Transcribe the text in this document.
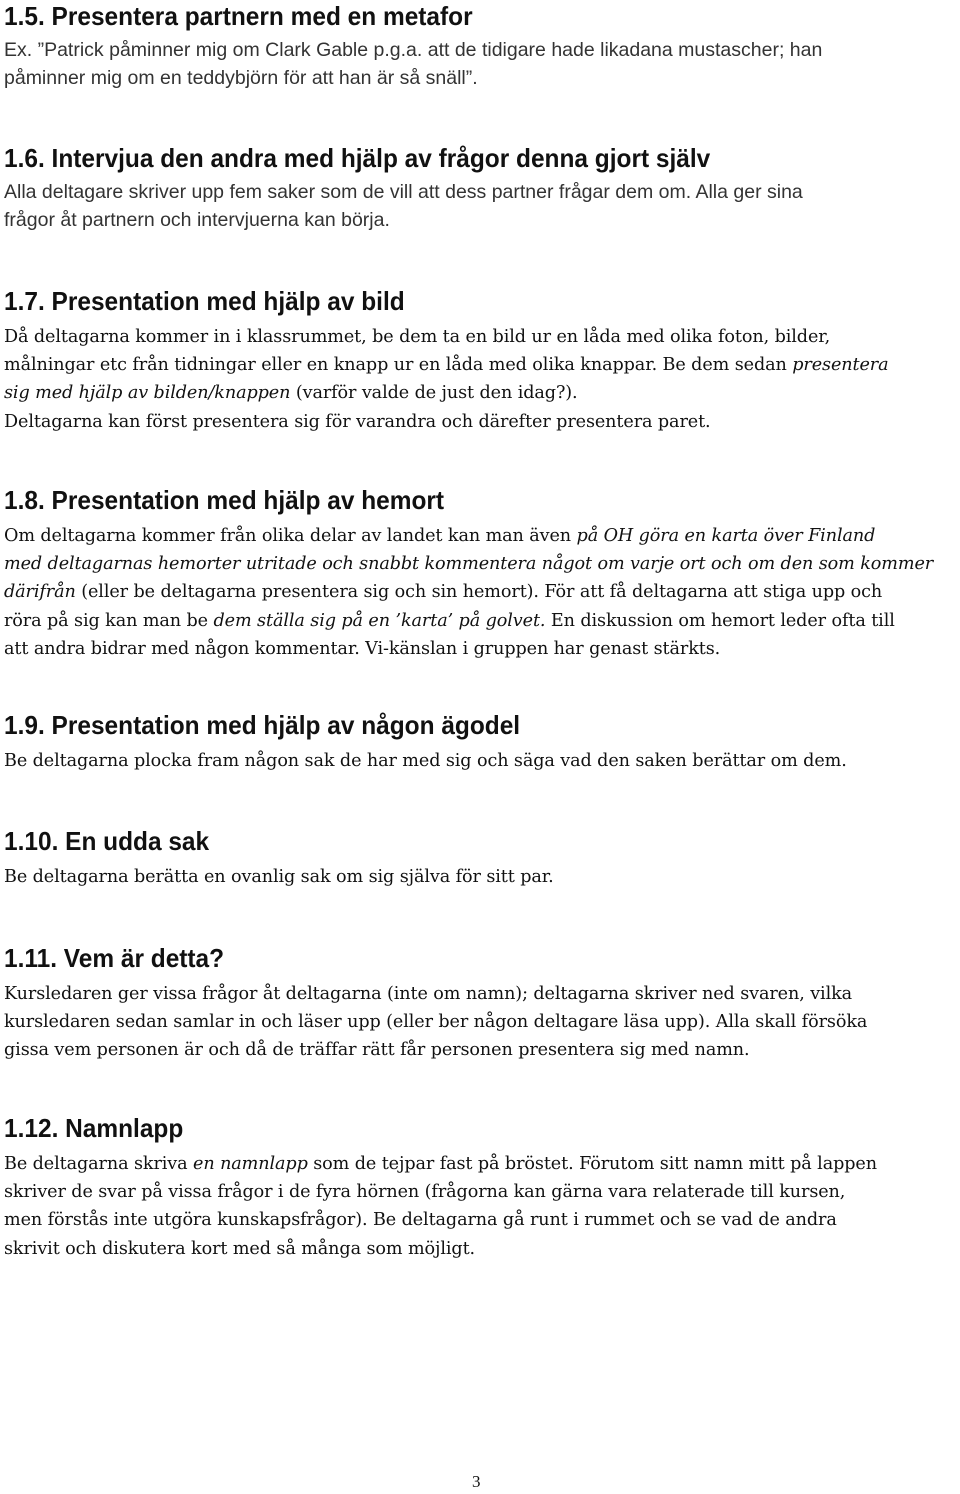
1.5. Presentera partnern med en metafor

Ex. ”Patrick påminner mig om Clark Gable p.g.a. att de tidigare hade likadana mustascher; han
påminner mig om en teddybjörn för att han är så snäll”.

1.6. Intervjua den andra med hjälp av frågor denna gjort själv

Alla deltagare skriver upp fem saker som de vill att dess partner frågar dem om. Alla ger sina
frågor åt partnern och intervjuerna kan börja.

1.7. Presentation med hjälp av bild

Då deltagarna kommer in i klassrummet, be dem ta en bild ur en låda med olika foton, bilder,
målningar etc från tidningar eller en knapp ur en låda med olika knappar. Be dem sedan presentera
sig med hjälp av bilden/knappen (varför valde de just den idag?).
Deltagarna kan först presentera sig för varandra och därefter presentera paret.

1.8. Presentation med hjälp av hemort

Om deltagarna kommer från olika delar av landet kan man även på OH göra en karta över Finland
med deltagarnas hemorter utritade och snabbt kommentera något om varje ort och om den som kommer
därifrån (eller be deltagarna presentera sig och sin hemort). För att få deltagarna att stiga upp och
röra på sig kan man be dem ställa sig på en ’karta’ på golvet. En diskussion om hemort leder ofta till
att andra bidrar med någon kommentar. Vi-känslan i gruppen har genast stärkts.

1.9. Presentation med hjälp av någon ägodel

Be deltagarna plocka fram någon sak de har med sig och säga vad den saken berättar om dem.

1.10. En udda sak

Be deltagarna berätta en ovanlig sak om sig själva för sitt par.

1.11. Vem är detta?

Kursledaren ger vissa frågor åt deltagarna (inte om namn); deltagarna skriver ned svaren, vilka
kursledaren sedan samlar in och läser upp (eller ber någon deltagare läsa upp). Alla skall försöka
gissa vem personen är och då de träffar rätt får personen presentera sig med namn.

1.12. Namnlapp

Be deltagarna skriva en namnlapp som de tejpar fast på bröstet. Förutom sitt namn mitt på lappen
skriver de svar på vissa frågor i de fyra hörnen (frågorna kan gärna vara relaterade till kursen,
men förstås inte utgöra kunskapsfrågor). Be deltagarna gå runt i rummet och se vad de andra
skrivit och diskutera kort med så många som möjligt.

3
